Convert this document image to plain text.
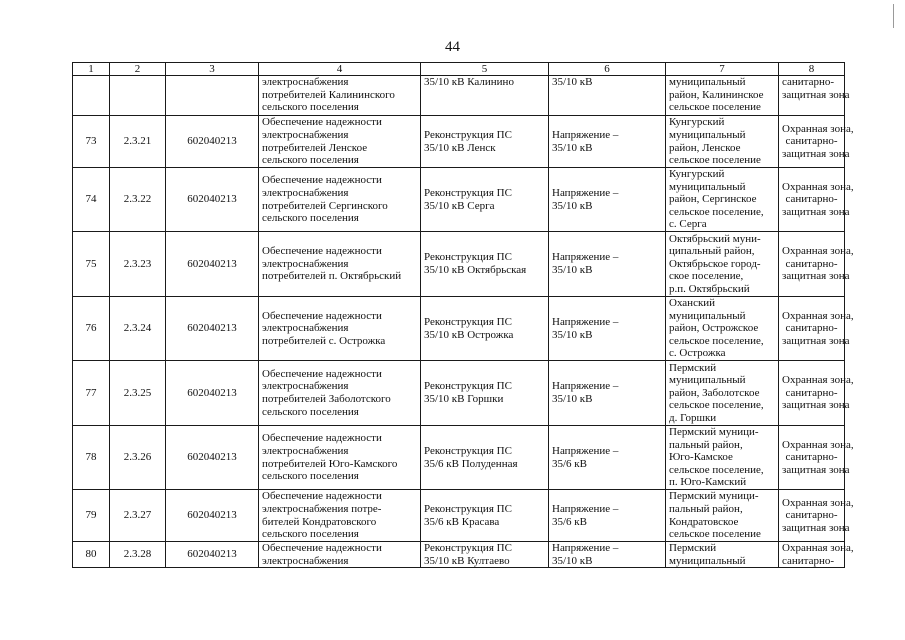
44
1	2	3	4	5	6	7	8

			электроснабжения
потребителей Калининского
сельского поселения	35/10 кВ Калинино	35/10 кВ	муниципальный
район, Калининское
сельское поселение	санитарно-
защитная зона

73	2.3.21	602040213	Обеспечение надежности
электроснабжения
потребителей Ленское
сельского поселения	Реконструкция ПС
35/10 кВ Ленск	Напряжение –
35/10 кВ	Кунгурский
муниципальный
район, Ленское
сельское поселение	Охранная зона,
санитарно-
защитная зона

74	2.3.22	602040213	Обеспечение надежности
электроснабжения
потребителей Сергинского
сельского поселения	Реконструкция ПС
35/10 кВ Серга	Напряжение –
35/10 кВ	Кунгурский
муниципальный
район, Сергинское
сельское поселение,
с. Серга	Охранная зона,
санитарно-
защитная зона

75	2.3.23	602040213	Обеспечение надежности
электроснабжения
потребителей п. Октябрьский	Реконструкция ПС
35/10 кВ Октябрьская	Напряжение –
35/10 кВ	Октябрьский муни-
ципальный район,
Октябрьское город-
ское поселение,
р.п. Октябрьский	Охранная зона,
санитарно-
защитная зона

76	2.3.24	602040213	Обеспечение надежности
электроснабжения
потребителей с. Острожка	Реконструкция ПС
35/10 кВ Острожка	Напряжение –
35/10 кВ	Оханский
муниципальный
район, Острожское
сельское поселение,
с. Острожка	Охранная зона,
санитарно-
защитная зона

77	2.3.25	602040213	Обеспечение надежности
электроснабжения
потребителей Заболотского
сельского поселения	Реконструкция ПС
35/10 кВ Горшки	Напряжение –
35/10 кВ	Пермский
муниципальный
район, Заболотское
сельское поселение,
д. Горшки	Охранная зона,
санитарно-
защитная зона

78	2.3.26	602040213	Обеспечение надежности
электроснабжения
потребителей Юго-Камского
сельского поселения	Реконструкция ПС
35/6 кВ Полуденная	Напряжение –
35/6 кВ	Пермский муници-
пальный район,
Юго-Камское
сельское поселение,
п. Юго-Камский	Охранная зона,
санитарно-
защитная зона

79	2.3.27	602040213	Обеспечение надежности
электроснабжения потре-
бителей Кондратовского
сельского поселения	Реконструкция ПС
35/6 кВ Красава	Напряжение –
35/6 кВ	Пермский муници-
пальный район,
Кондратовское
сельское поселение	Охранная зона,
санитарно-
защитная зона

80	2.3.28	602040213	Обеспечение надежности
электроснабжения	Реконструкция ПС
35/10 кВ Култаево	Напряжение –
35/10 кВ	Пермский
муниципальный	Охранная зона,
санитарно-
